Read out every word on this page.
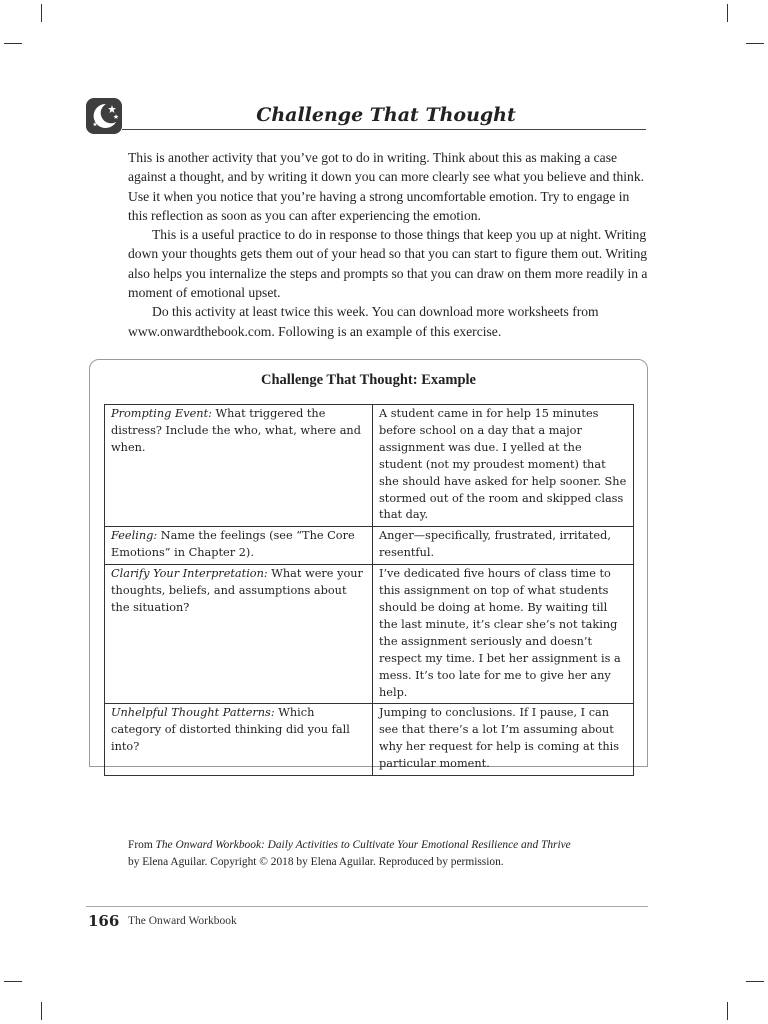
Challenge That Thought

This is another activity that you’ve got to do in writing. Think about this as making a case against a thought, and by writing it down you can more clearly see what you believe and think. Use it when you notice that you’re having a strong uncomfortable emotion. Try to engage in this reflection as soon as you can after experiencing the emotion.

This is a useful practice to do in response to those things that keep you up at night. Writing down your thoughts gets them out of your head so that you can start to figure them out. Writing also helps you internalize the steps and prompts so that you can draw on them more readily in a moment of emotional upset.

Do this activity at least twice this week. You can download more worksheets from www.onwardthebook.com. Following is an example of this exercise.

Challenge That Thought: Example
Prompting Event: What triggered the distress? Include the who, what, where and when.	A student came in for help 15 minutes before school on a day that a major assignment was due. I yelled at the student (not my proudest moment) that she should have asked for help sooner. She stormed out of the room and skipped class that day.
Feeling: Name the feelings (see “The Core Emotions” in Chapter 2).	Anger—specifically, frustrated, irritated, resentful.
Clarify Your Interpretation: What were your thoughts, beliefs, and assumptions about the situation?	I’ve dedicated five hours of class time to this assignment on top of what students should be doing at home. By waiting till the last minute, it’s clear she’s not taking the assignment seriously and doesn’t respect my time. I bet her assignment is a mess. It’s too late for me to give her any help.
Unhelpful Thought Patterns: Which category of distorted thinking did you fall into?	Jumping to conclusions. If I pause, I can see that there’s a lot I’m assuming about why her request for help is coming at this particular moment.

From The Onward Workbook: Daily Activities to Cultivate Your Emotional Resilience and Thrive

by Elena Aguilar. Copyright © 2018 by Elena Aguilar. Reproduced by permission.

166 The Onward Workbook
